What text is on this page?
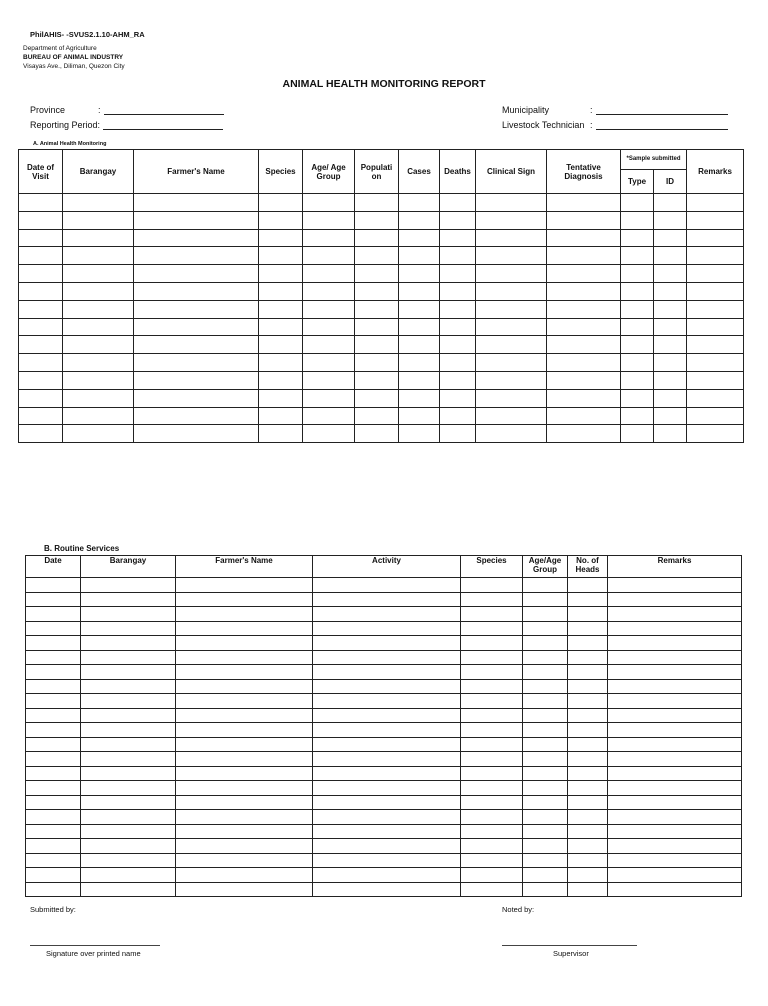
PhilAHIS- -SVUS2.1.10-AHM_RA
Department of Agriculture
BUREAU OF ANIMAL INDUSTRY
Visayas Ave., Diliman, Quezon City
ANIMAL HEALTH MONITORING REPORT
Province	:
Reporting Period:
Municipality	:
Livestock Technician :
A. Animal Health Monitoring
Date of Visit	Barangay	Farmer's Name	Species	Age/ Age Group	Populati on	Cases	Deaths	Clinical Sign	Tentative Diagnosis	*Sample submitted		Remarks
										Type	ID	

B. Routine Services
Date	Barangay	Farmer's Name	Activity	Species	Age/Age Group	No. of Heads	Remarks

Submitted by:	Noted by:
Signature over printed name	Supervisor
